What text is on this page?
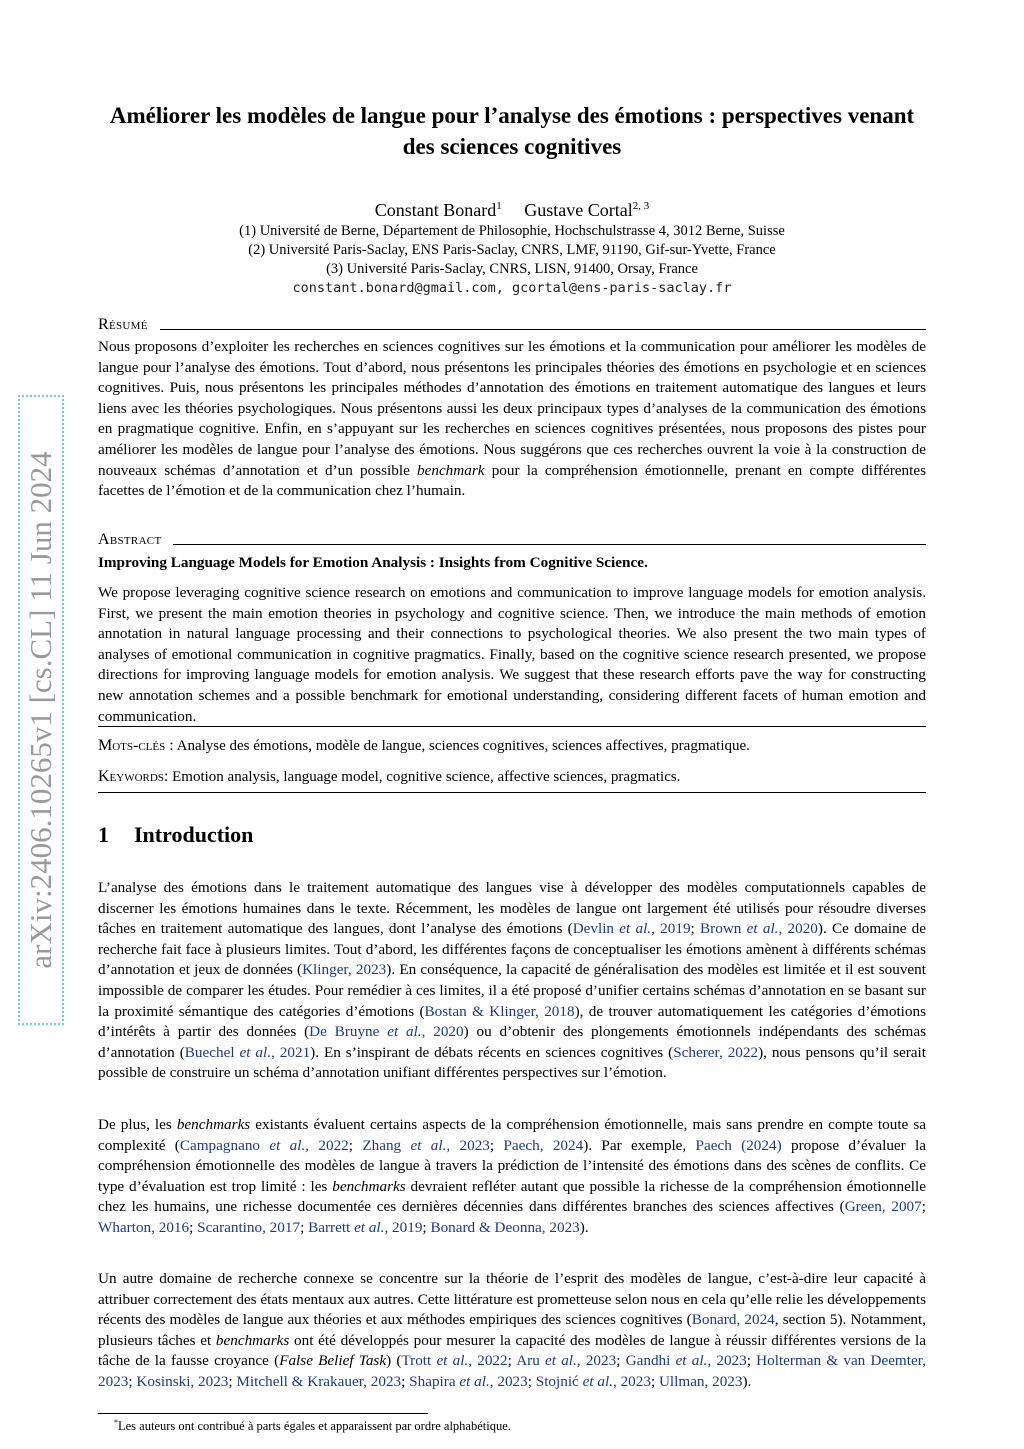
arXiv:2406.10265v1 [cs.CL] 11 Jun 2024
Améliorer les modèles de langue pour l’analyse des émotions : perspectives venant des sciences cognitives
Constant Bonard$^1$ Gustave Cortal$^{2, 3}$
(1) Université de Berne, Département de Philosophie, Hochschulstrasse 4, 3012 Berne, Suisse
(2) Université Paris-Saclay, ENS Paris-Saclay, CNRS, LMF, 91190, Gif-sur-Yvette, France
(3) Université Paris-Saclay, CNRS, LISN, 91400, Orsay, France
constant.bonard@gmail.com, gcortal@ens-paris-saclay.fr
Résumé
Nous proposons d’exploiter les recherches en sciences cognitives sur les émotions et la communication pour améliorer les modèles de langue pour l’analyse des émotions. Tout d’abord, nous présentons les principales théories des émotions en psychologie et en sciences cognitives. Puis, nous présentons les principales méthodes d’annotation des émotions en traitement automatique des langues et leurs liens avec les théories psychologiques. Nous présentons aussi les deux principaux types d’analyses de la communication des émotions en pragmatique cognitive. Enfin, en s’appuyant sur les recherches en sciences cognitives présentées, nous proposons des pistes pour améliorer les modèles de langue pour l’analyse des émotions. Nous suggérons que ces recherches ouvrent la voie à la construction de nouveaux schémas d’annotation et d’un possible benchmark pour la compréhension émotionnelle, prenant en compte différentes facettes de l’émotion et de la communication chez l’humain.
Abstract
Improving Language Models for Emotion Analysis : Insights from Cognitive Science.
We propose leveraging cognitive science research on emotions and communication to improve language models for emotion analysis. First, we present the main emotion theories in psychology and cognitive science. Then, we introduce the main methods of emotion annotation in natural language processing and their connections to psychological theories. We also present the two main types of analyses of emotional communication in cognitive pragmatics. Finally, based on the cognitive science research presented, we propose directions for improving language models for emotion analysis. We suggest that these research efforts pave the way for constructing new annotation schemes and a possible benchmark for emotional understanding, considering different facets of human emotion and communication.
Mots-clés : Analyse des émotions, modèle de langue, sciences cognitives, sciences affectives, pragmatique.
Keywords: Emotion analysis, language model, cognitive science, affective sciences, pragmatics.
1 Introduction
L’analyse des émotions dans le traitement automatique des langues vise à développer des modèles computationnels capables de discerner les émotions humaines dans le texte. Récemment, les modèles de langue ont largement été utilisés pour résoudre diverses tâches en traitement automatique des langues, dont l’analyse des émotions (Devlin et al., 2019; Brown et al., 2020). Ce domaine de recherche fait face à plusieurs limites. Tout d’abord, les différentes façons de conceptualiser les émotions amènent à différents schémas d’annotation et jeux de données (Klinger, 2023). En conséquence, la capacité de généralisation des modèles est limitée et il est souvent impossible de comparer les études. Pour remédier à ces limites, il a été proposé d’unifier certains schémas d’annotation en se basant sur la proximité sémantique des catégories d’émotions (Bostan & Klinger, 2018), de trouver automatiquement les catégories d’émotions d’intérêts à partir des données (De Bruyne et al., 2020) ou d’obtenir des plongements émotionnels indépendants des schémas d’annotation (Buechel et al., 2021). En s’inspirant de débats récents en sciences cognitives (Scherer, 2022), nous pensons qu’il serait possible de construire un schéma d’annotation unifiant différentes perspectives sur l’émotion.
De plus, les benchmarks existants évaluent certains aspects de la compréhension émotionnelle, mais sans prendre en compte toute sa complexité (Campagnano et al., 2022; Zhang et al., 2023; Paech, 2024). Par exemple, Paech (2024) propose d’évaluer la compréhension émotionnelle des modèles de langue à travers la prédiction de l’intensité des émotions dans des scènes de conflits. Ce type d’évaluation est trop limité : les benchmarks devraient refléter autant que possible la richesse de la compréhension émotionnelle chez les humains, une richesse documentée ces dernières décennies dans différentes branches des sciences affectives (Green, 2007; Wharton, 2016; Scarantino, 2017; Barrett et al., 2019; Bonard & Deonna, 2023).
Un autre domaine de recherche connexe se concentre sur la théorie de l’esprit des modèles de langue, c’est-à-dire leur capacité à attribuer correctement des états mentaux aux autres. Cette littérature est prometteuse selon nous en cela qu’elle relie les développements récents des modèles de langue aux théories et aux méthodes empiriques des sciences cognitives (Bonard, 2024, section 5). Notamment, plusieurs tâches et benchmarks ont été développés pour mesurer la capacité des modèles de langue à réussir différentes versions de la tâche de la fausse croyance (False Belief Task) (Trott et al., 2022; Aru et al., 2023; Gandhi et al., 2023; Holterman & van Deemter, 2023; Kosinski, 2023; Mitchell & Krakauer, 2023; Shapira et al., 2023; Stojnić et al., 2023; Ullman, 2023).
*Les auteurs ont contribué à parts égales et apparaissent par ordre alphabétique.
